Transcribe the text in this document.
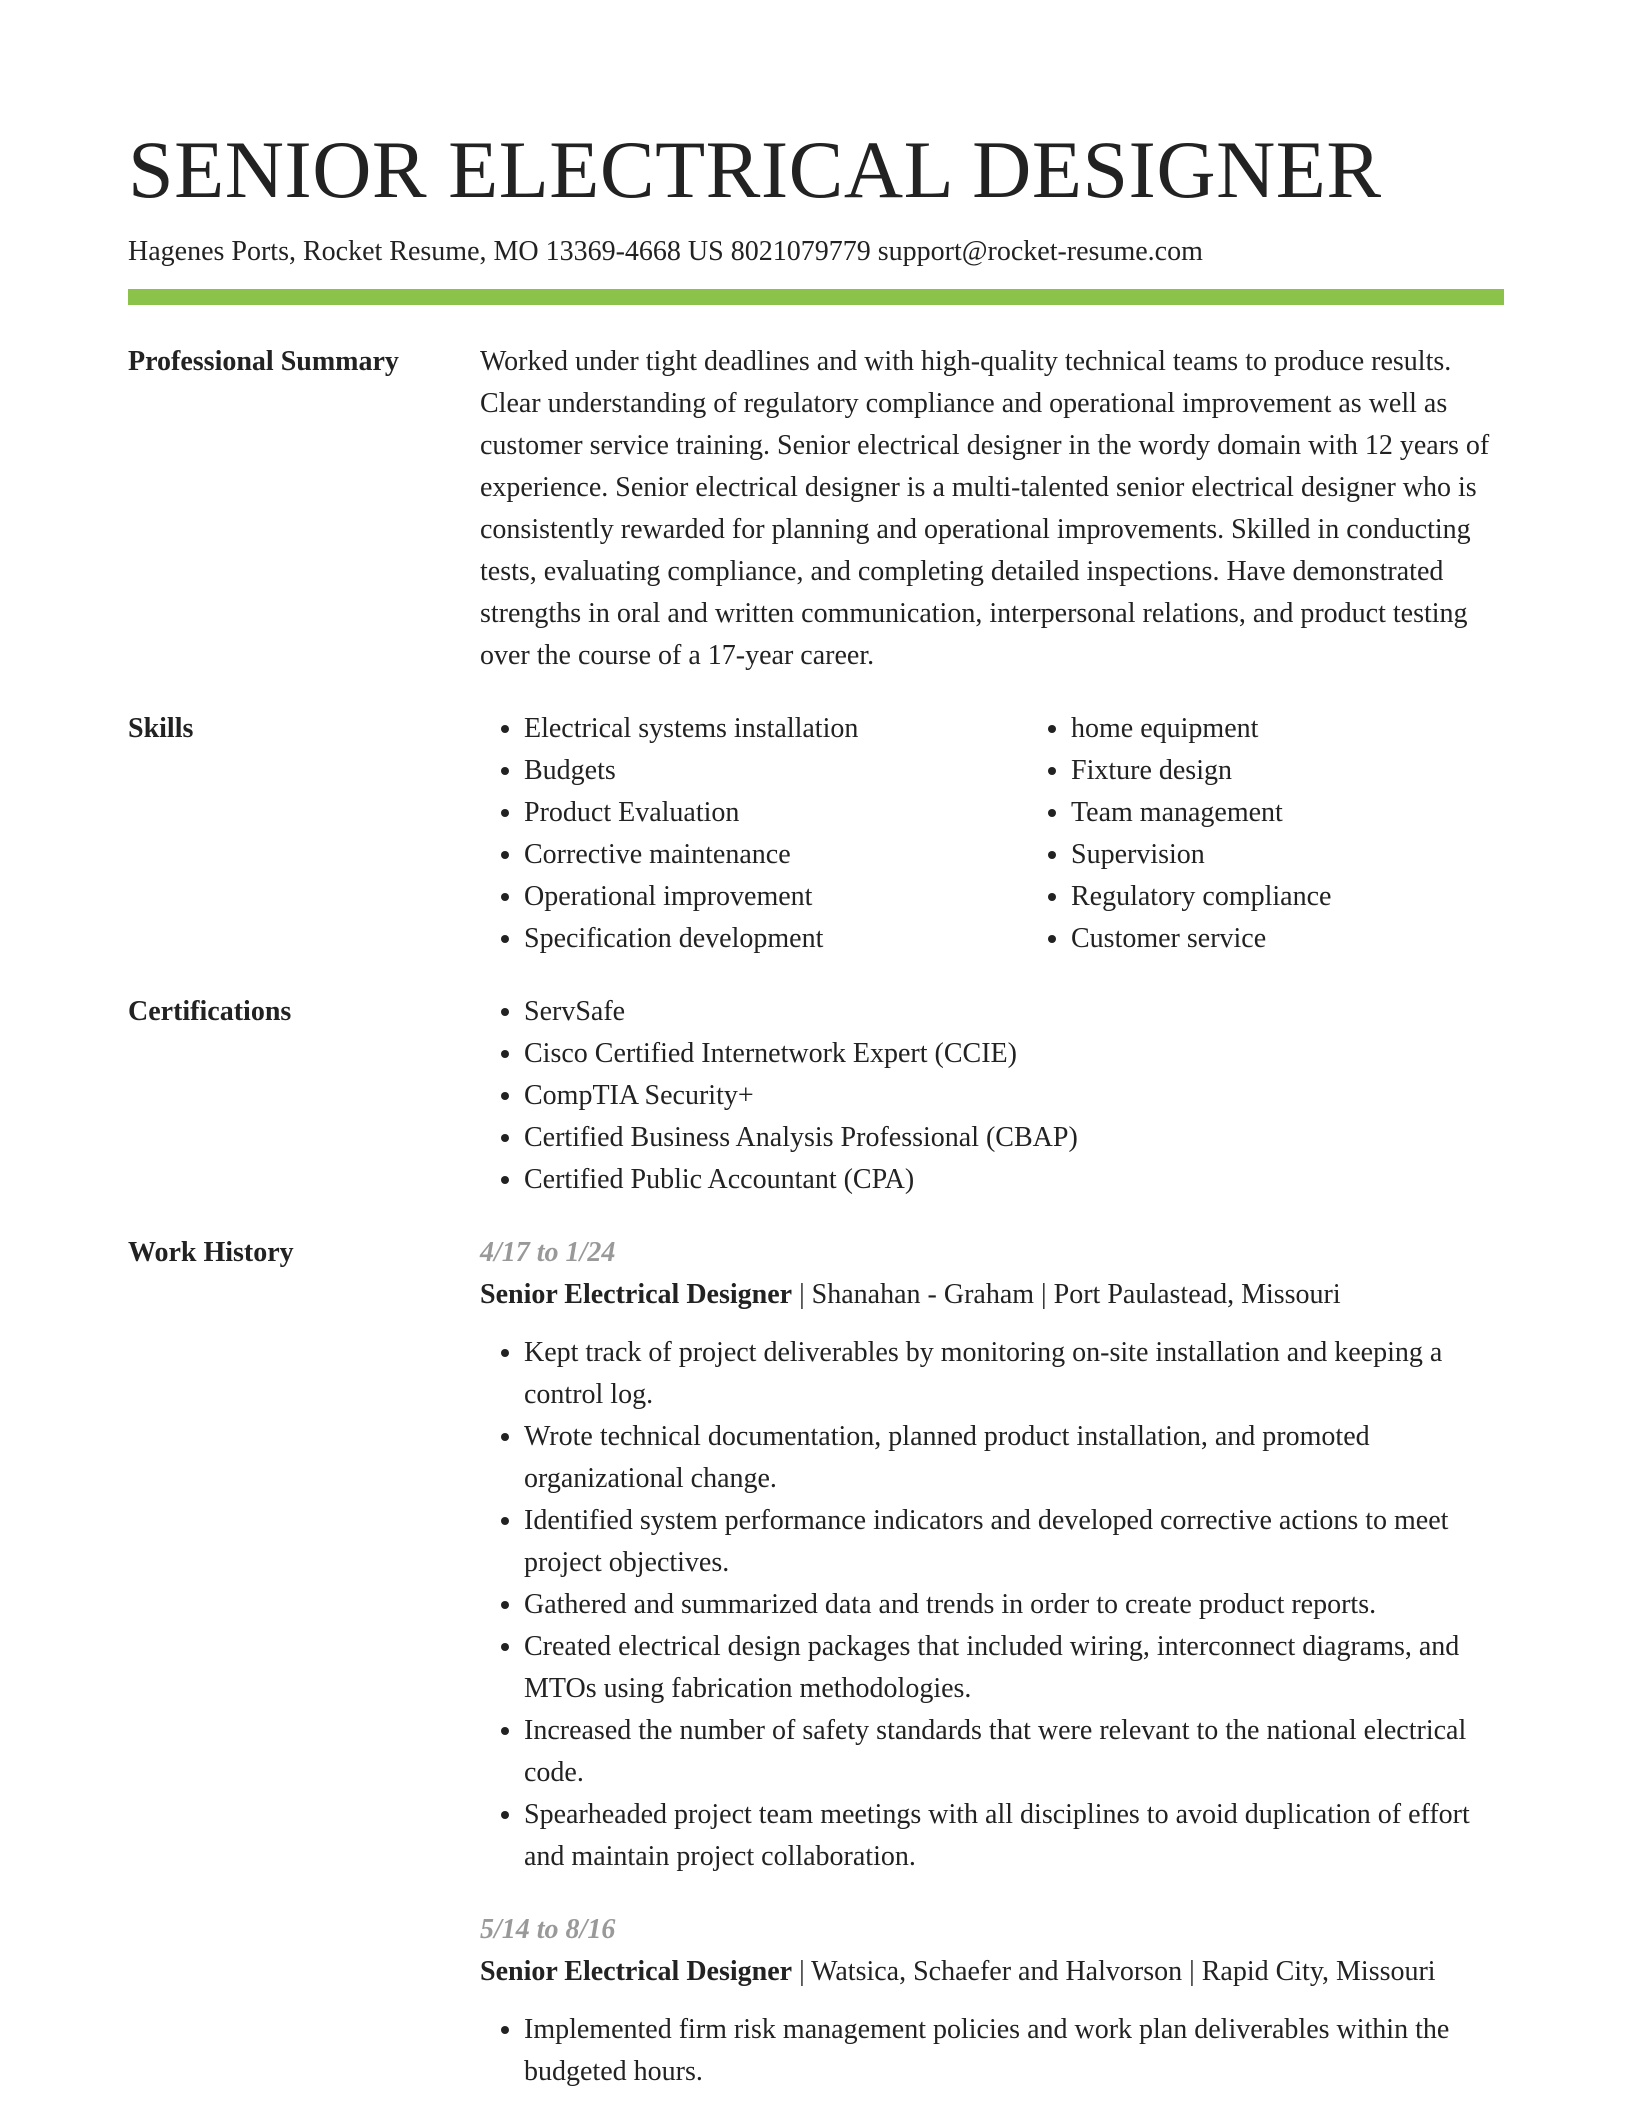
SENIOR ELECTRICAL DESIGNER
Hagenes Ports, Rocket Resume, MO 13369-4668 US 8021079779 support@rocket-resume.com
Professional Summary	Worked under tight deadlines and with high-quality technical teams to produce results. Clear understanding of regulatory compliance and operational improvement as well as customer service training. Senior electrical designer in the wordy domain with 12 years of experience. Senior electrical designer is a multi-talented senior electrical designer who is consistently rewarded for planning and operational improvements. Skilled in conducting tests, evaluating compliance, and completing detailed inspections. Have demonstrated strengths in oral and written communication, interpersonal relations, and product testing over the course of a 17-year career.

Skills	• Electrical systems installation
• Budgets
• Product Evaluation
• Corrective maintenance
• Operational improvement
• Specification development
• home equipment
• Fixture design
• Team management
• Supervision
• Regulatory compliance
• Customer service
Certifications	• ServSafe
• Cisco Certified Internetwork Expert (CCIE)
• CompTIA Security+
• Certified Business Analysis Professional (CBAP)
• Certified Public Accountant (CPA)
Work History	4/17 to 1/24
Senior Electrical Designer | Shanahan - Graham | Port Paulastead, Missouri
• Kept track of project deliverables by monitoring on-site installation and keeping a control log.
• Wrote technical documentation, planned product installation, and promoted organizational change.
• Identified system performance indicators and developed corrective actions to meet project objectives.
• Gathered and summarized data and trends in order to create product reports.
• Created electrical design packages that included wiring, interconnect diagrams, and MTOs using fabrication methodologies.
• Increased the number of safety standards that were relevant to the national electrical code.
• Spearheaded project team meetings with all disciplines to avoid duplication of effort and maintain project collaboration.
5/14 to 8/16
Senior Electrical Designer | Watsica, Schaefer and Halvorson | Rapid City, Missouri
• Implemented firm risk management policies and work plan deliverables within the budgeted hours.
